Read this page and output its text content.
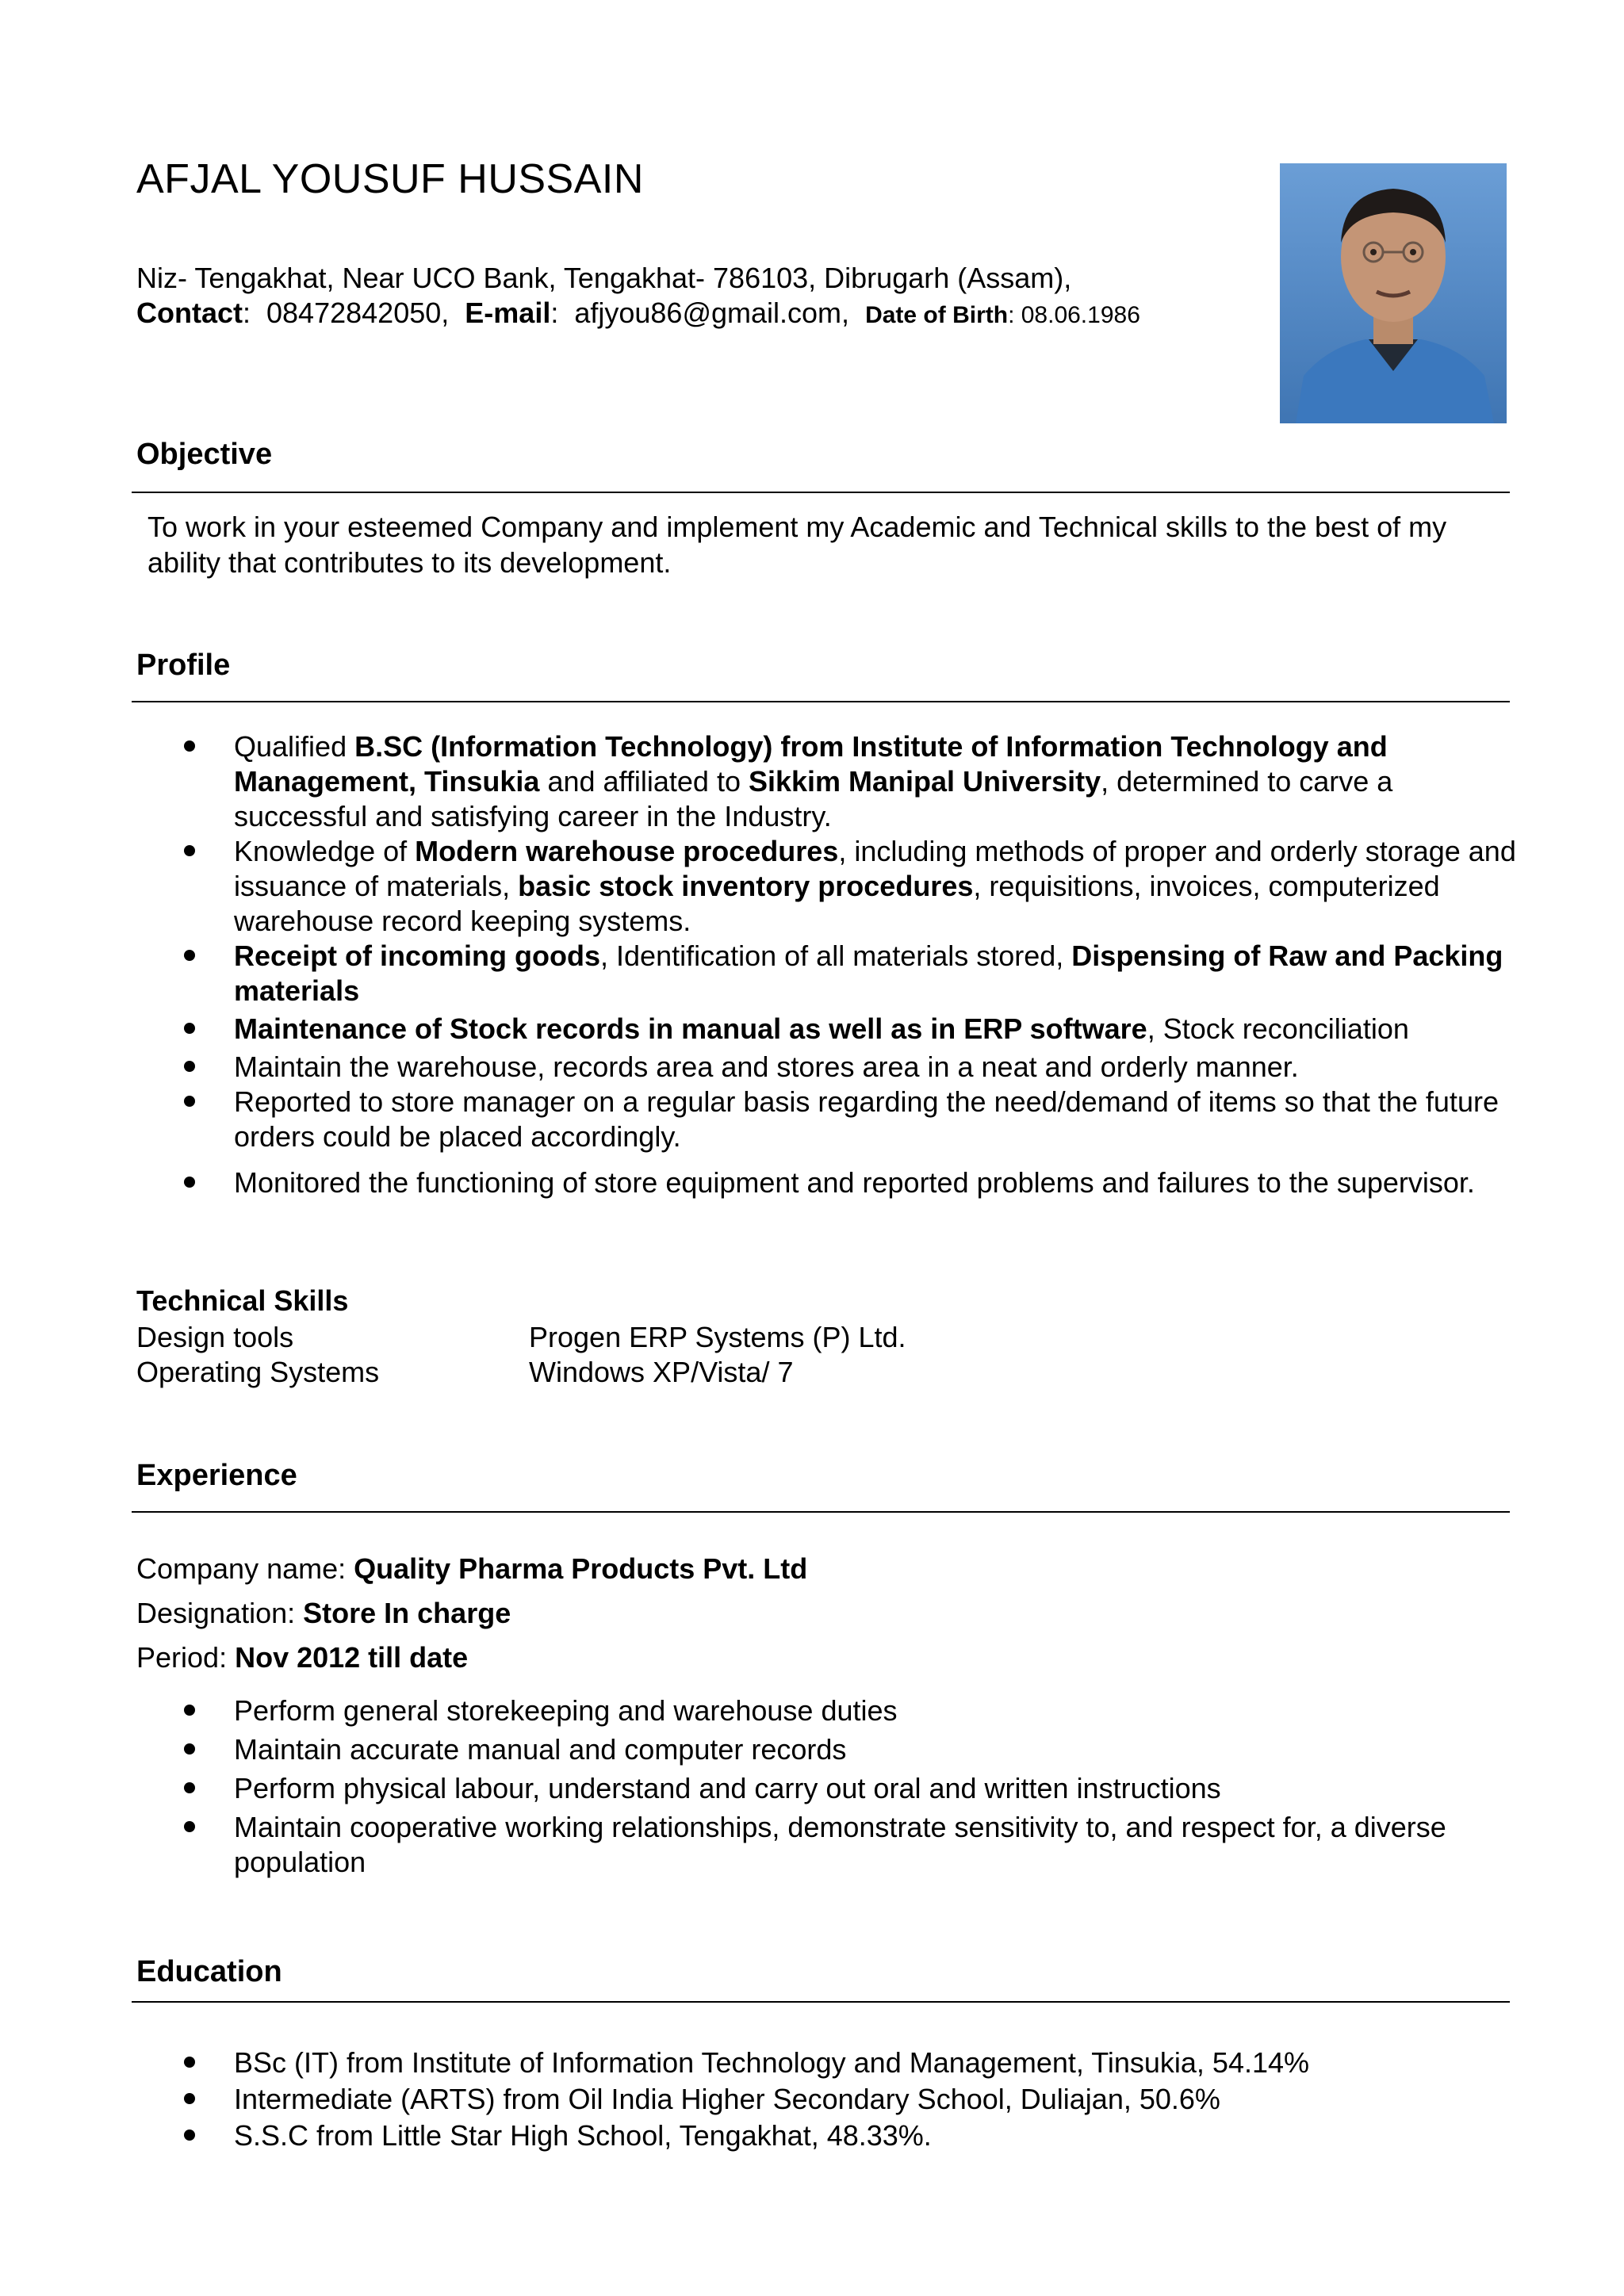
AFJAL YOUSUF HUSSAIN
Niz- Tengakhat, Near UCO Bank, Tengakhat- 786103, Dibrugarh (Assam),
Contact:  08472842050, E-mail:  afjyou86@gmail.com, Date of Birth: 08.06.1986
Objective

To work in your esteemed Company and implement my Academic and Technical skills to the best of my ability that contributes to its development.

Profile
Qualified B.SC (Information Technology) from Institute of Information Technology and Management, Tinsukia and affiliated to Sikkim Manipal University, determined to carve a successful and satisfying career in the Industry.
Knowledge of Modern warehouse procedures, including methods of proper and orderly storage and issuance of materials, basic stock inventory procedures, requisitions, invoices, computerized warehouse record keeping systems.
Receipt of incoming goods, Identification of all materials stored, Dispensing of Raw and Packing materials
Maintenance of Stock records in manual as well as in ERP software, Stock reconciliation
Maintain the warehouse, records area and stores area in a neat and orderly manner.
Reported to store manager on a regular basis regarding the need/demand of items so that the future orders could be placed accordingly.
Monitored the functioning of store equipment and reported problems and failures to the supervisor.
Technical Skills
Design tools	Progen ERP Systems (P) Ltd.
Operating Systems	Windows XP/Vista/ 7
Experience
Company name: Quality Pharma Products Pvt. Ltd
Designation: Store In charge
Period: Nov 2012 till date
Perform general storekeeping and warehouse duties
Maintain accurate manual and computer records
Perform physical labour, understand and carry out oral and written instructions
Maintain cooperative working relationships, demonstrate sensitivity to, and respect for, a diverse population
Education
BSc (IT) from Institute of Information Technology and Management, Tinsukia, 54.14%
Intermediate (ARTS) from Oil India Higher Secondary School, Duliajan, 50.6%
S.S.C from Little Star High School, Tengakhat, 48.33%.
